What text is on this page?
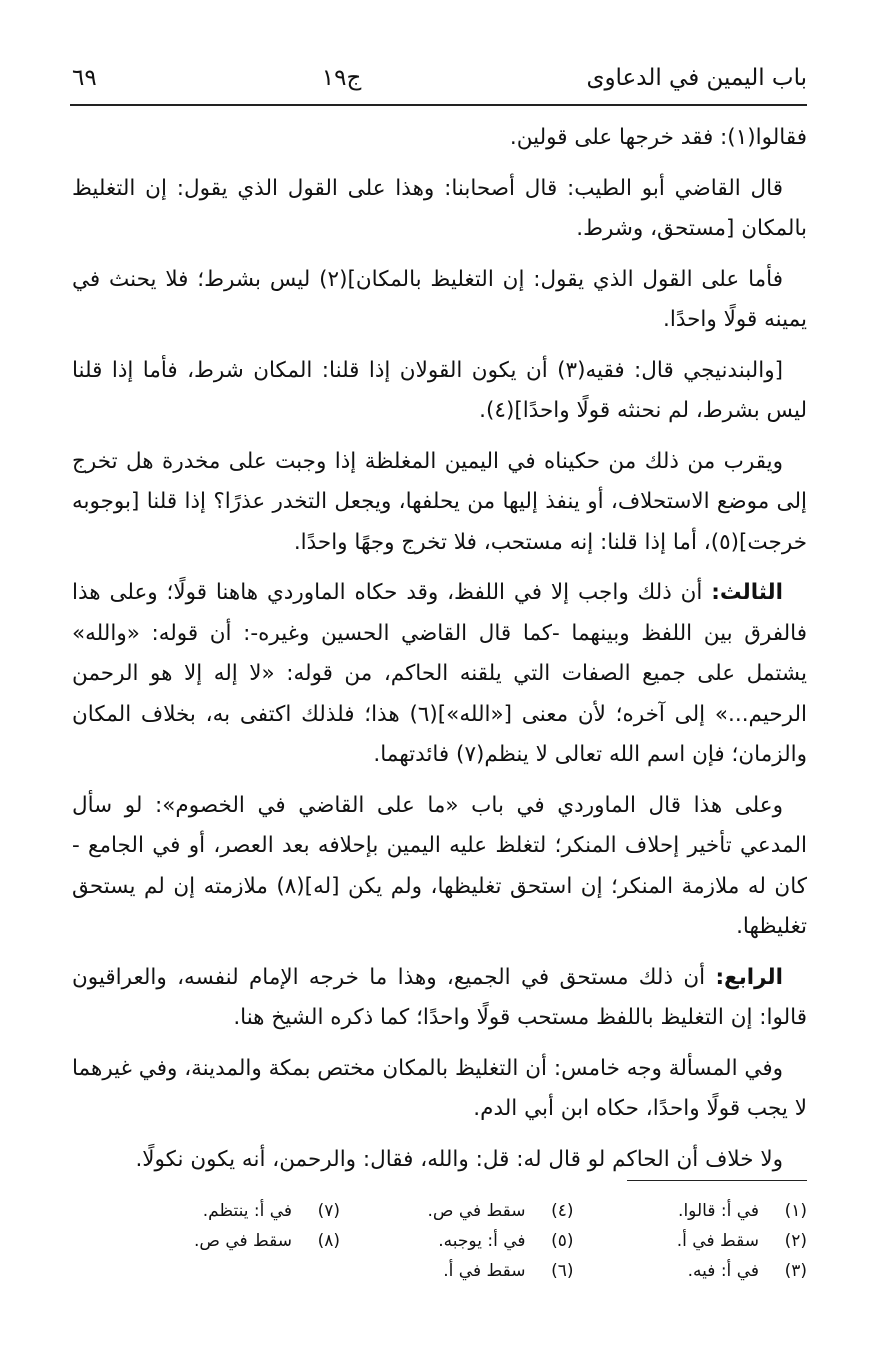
باب اليمين في الدعاوى
ج١٩
٦٩

فقالوا(١): فقد خرجها على قولين.

قال القاضي أبو الطيب: قال أصحابنا: وهذا على القول الذي يقول: إن التغليظ بالمكان [مستحق، وشرط.

فأما على القول الذي يقول: إن التغليظ بالمكان](٢) ليس بشرط؛ فلا يحنث في يمينه قولًا واحدًا.

[والبندنيجي قال: فقيه(٣) أن يكون القولان إذا قلنا: المكان شرط، فأما إذا قلنا ليس بشرط، لم نحنثه قولًا واحدًا](٤).

ويقرب من ذلك من حكيناه في اليمين المغلظة إذا وجبت على مخدرة هل تخرج إلى موضع الاستحلاف، أو ينفذ إليها من يحلفها، ويجعل التخدر عذرًا؟ إذا قلنا [بوجوبه خرجت](٥)، أما إذا قلنا: إنه مستحب، فلا تخرج وجهًا واحدًا.

الثالث: أن ذلك واجب إلا في اللفظ، وقد حكاه الماوردي هاهنا قولًا؛ وعلى هذا فالفرق بين اللفظ وبينهما -كما قال القاضي الحسين وغيره-: أن قوله: «والله» يشتمل على جميع الصفات التي يلقنه الحاكم، من قوله: «لا إله إلا هو الرحمن الرحيم...» إلى آخره؛ لأن معنى [«الله»](٦) هذا؛ فلذلك اكتفى به، بخلاف المكان والزمان؛ فإن اسم الله تعالى لا ينظم(٧) فائدتهما.

وعلى هذا قال الماوردي في باب «ما على القاضي في الخصوم»: لو سأل المدعي تأخير إحلاف المنكر؛ لتغلظ عليه اليمين بإحلافه بعد العصر، أو في الجامع - كان له ملازمة المنكر؛ إن استحق تغليظها، ولم يكن [له](٨) ملازمته إن لم يستحق تغليظها.

الرابع: أن ذلك مستحق في الجميع، وهذا ما خرجه الإمام لنفسه، والعراقيون قالوا: إن التغليظ باللفظ مستحب قولًا واحدًا؛ كما ذكره الشيخ هنا.

وفي المسألة وجه خامس: أن التغليظ بالمكان مختص بمكة والمدينة، وفي غيرهما لا يجب قولًا واحدًا، حكاه ابن أبي الدم.

ولا خلاف أن الحاكم لو قال له: قل: والله، فقال: والرحمن، أنه يكون نكولًا.

(١)
في أ: قالوا.
(٢)
سقط في أ.
(٣)
في أ: فيه.
(٤)
سقط في ص.
(٥)
في أ: يوجبه.
(٦)
سقط في أ.
(٧)
في أ: ينتظم.
(٨)
سقط في ص.
